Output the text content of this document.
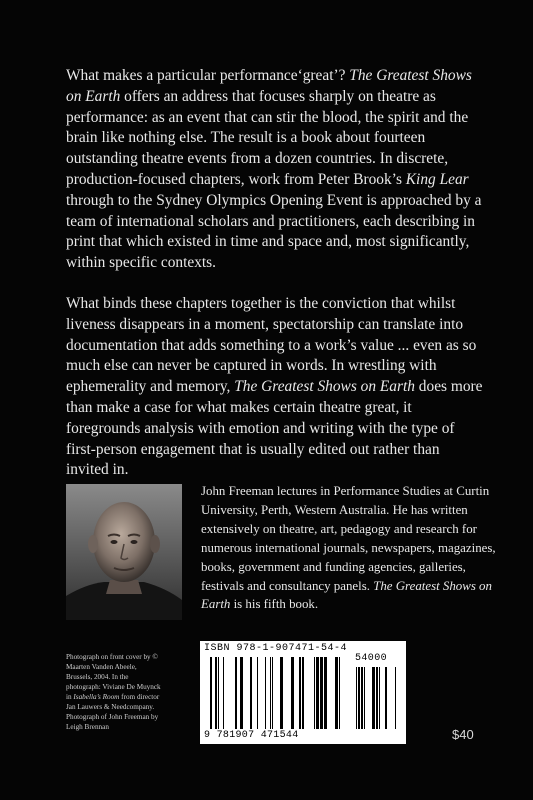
What makes a particular performance‘great’? The Greatest Shows on Earth offers an address that focuses sharply on theatre as performance: as an event that can stir the blood, the spirit and the brain like nothing else. The result is a book about fourteen outstanding theatre events from a dozen countries. In discrete, production-focused chapters, work from Peter Brook’s King Lear through to the Sydney Olympics Opening Event is approached by a team of international scholars and practitioners, each describing in print that which existed in time and space and, most significantly, within specific contexts.

What binds these chapters together is the conviction that whilst liveness disappears in a moment, spectatorship can translate into documentation that adds something to a work’s value ... even as so much else can never be captured in words. In wrestling with ephemerality and memory, The Greatest Shows on Earth does more than make a case for what makes certain theatre great, it foregrounds analysis with emotion and writing with the type of first-person engagement that is usually edited out rather than invited in.

John Freeman lectures in Performance Studies at Curtin University, Perth, Western Australia. He has written extensively on theatre, art, pedagogy and research for numerous international journals, newspapers, magazines, books, government and funding agencies, galleries, festivals and consultancy panels. The Greatest Shows on Earth is his fifth book.
Photograph on front cover by © Maarten Vanden Abeele, Brussels, 2004. In the photograph: Viviane De Muynck in Isabella’s Room from director Jan Lauwers & Needcompany. Photograph of John Freeman by Leigh Brennan
ISBN 978-1-907471-54-4
9 781907 471544
54000
$40
